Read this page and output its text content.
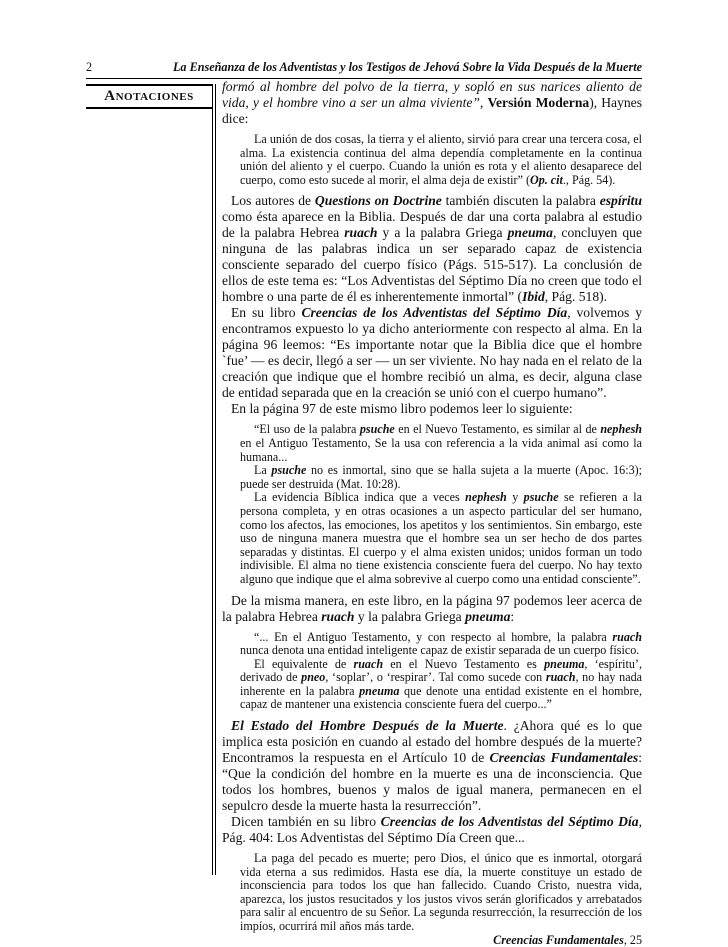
2	La Enseñanza de los Adventistas y los Testigos de Jehová Sobre la Vida Después de la Muerte
Anotaciones

formó al hombre del polvo de la tierra, y sopló en sus narices aliento de vida, y el hombre vino a ser un alma viviente”, Versión Moderna), Haynes dice:

La unión de dos cosas, la tierra y el aliento, sirvió para crear una tercera cosa, el alma. La existencia continua del alma dependía completamente en la continua unión del aliento y el cuerpo. Cuando la unión es rota y el aliento desaparece del cuerpo, como esto sucede al morir, el alma deja de existir” (Op. cit., Pág. 54).

Los autores de Questions on Doctrine también discuten la palabra espíritu como ésta aparece en la Biblia. Después de dar una corta palabra al estudio de la palabra Hebrea ruach y a la palabra Griega pneuma, concluyen que ninguna de las palabras indica un ser separado capaz de existencia consciente separado del cuerpo físico (Págs. 515-517). La conclusión de ellos de este tema es: “Los Adventistas del Séptimo Día no creen que todo el hombre o una parte de él es inherentemente inmortal” (Ibid, Pág. 518).

En su libro Creencias de los Adventistas del Séptimo Día, volvemos y encontramos expuesto lo ya dicho anteriormente con respecto al alma. En la página 96 leemos: “Es importante notar que la Biblia dice que el hombre `fue’ — es decir, llegó a ser — un ser viviente. No hay nada en el relato de la creación que indique que el hombre recibió un alma, es decir, alguna clase de entidad separada que en la creación se unió con el cuerpo humano”.

En la página 97 de este mismo libro podemos leer lo siguiente:

“El uso de la palabra psuche en el Nuevo Testamento, es similar al de nephesh en el Antiguo Testamento, Se la usa con referencia a la vida animal así como la humana...

La psuche no es inmortal, sino que se halla sujeta a la muerte (Apoc. 16:3); puede ser destruida (Mat. 10:28).

La evidencia Bíblica indica que a veces nephesh y psuche se refieren a la persona completa, y en otras ocasiones a un aspecto particular del ser humano, como los afectos, las emociones, los apetitos y los sentimientos. Sin embargo, este uso de ninguna manera muestra que el hombre sea un ser hecho de dos partes separadas y distintas. El cuerpo y el alma existen unidos; unidos forman un todo indivisible. El alma no tiene existencia consciente fuera del cuerpo. No hay texto alguno que indique que el alma sobrevive al cuerpo como una entidad consciente”.

De la misma manera, en este libro, en la página 97 podemos leer acerca de la palabra Hebrea ruach y la palabra Griega pneuma:

“... En el Antiguo Testamento, y con respecto al hombre, la palabra ruach nunca denota una entidad inteligente capaz de existir separada de un cuerpo físico.

El equivalente de ruach en el Nuevo Testamento es pneuma, ‘espíritu’, derivado de pneo, ‘soplar’, o ‘respirar’. Tal como sucede con ruach, no hay nada inherente en la palabra pneuma que denote una entidad existente en el hombre, capaz de mantener una existencia consciente fuera del cuerpo...”

El Estado del Hombre Después de la Muerte. ¿Ahora qué es lo que implica esta posición en cuando al estado del hombre después de la muerte? Encontramos la respuesta en el Artículo 10 de Creencias Fundamentales: “Que la condición del hombre en la muerte es una de inconsciencia. Que todos los hombres, buenos y malos de igual manera, permanecen en el sepulcro desde la muerte hasta la resurrección”.

Dicen también en su libro Creencias de los Adventistas del Séptimo Día, Pág. 404: Los Adventistas del Séptimo Día Creen que...

La paga del pecado es muerte; pero Dios, el único que es inmortal, otorgará vida eterna a sus redimidos. Hasta ese día, la muerte constituye un estado de inconsciencia para todos los que han fallecido. Cuando Cristo, nuestra vida, aparezca, los justos resucitados y los justos vivos serán glorificados y arrebatados para salir al encuentro de su Señor. La segunda resurrección, la resurrección de los impíos, ocurrirá mil años más tarde.

Creencias Fundamentales, 25
